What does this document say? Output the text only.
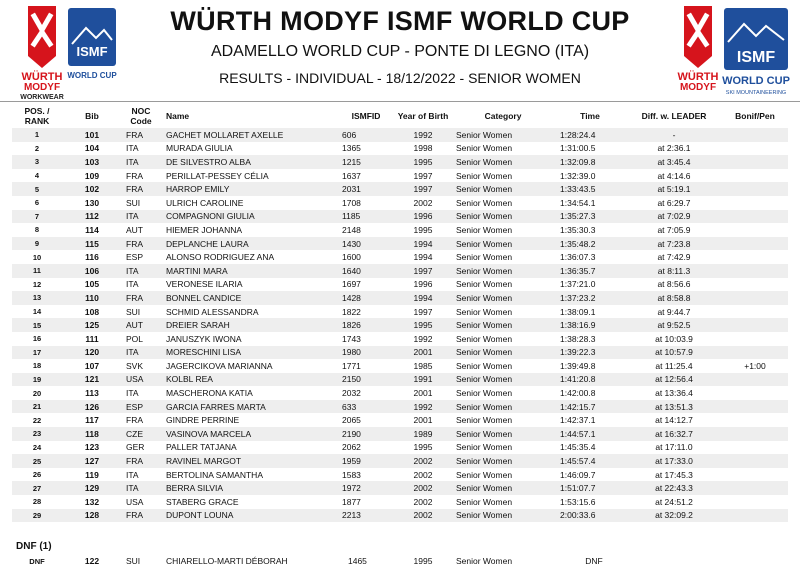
WÜRTH
MODYF
WORKWEAR
ISMF
WORLD CUP	WÜRTH
MODYF
ISMF
WORLD CUP
SKI MOUNTAINEERING
WÜRTH MODYF ISMF WORLD CUP
ADAMELLO WORLD CUP - PONTE DI LEGNO (ITA)
RESULTS - INDIVIDUAL - 18/12/2022 - SENIOR WOMEN
POS. / RANK	Bib	NOC Code	Name	ISMFID	Year of Birth	Category	Time	Diff. w. LEADER	Bonif/Pen
1	101	FRA	GACHET MOLLARET AXELLE	606	1992	Senior Women	1:28:24.4	-	
2	104	ITA	MURADA GIULIA	1365	1998	Senior Women	1:31:00.5	at 2:36.1	
3	103	ITA	DE SILVESTRO ALBA	1215	1995	Senior Women	1:32:09.8	at 3:45.4	
4	109	FRA	PERILLAT-PESSEY CÉLIA	1637	1997	Senior Women	1:32:39.0	at 4:14.6	
5	102	FRA	HARROP EMILY	2031	1997	Senior Women	1:33:43.5	at 5:19.1	
6	130	SUI	ULRICH CAROLINE	1708	2002	Senior Women	1:34:54.1	at 6:29.7	
7	112	ITA	COMPAGNONI GIULIA	1185	1996	Senior Women	1:35:27.3	at 7:02.9	
8	114	AUT	HIEMER JOHANNA	2148	1995	Senior Women	1:35:30.3	at 7:05.9	
9	115	FRA	DEPLANCHE LAURA	1430	1994	Senior Women	1:35:48.2	at 7:23.8	
10	116	ESP	ALONSO RODRIGUEZ ANA	1600	1994	Senior Women	1:36:07.3	at 7:42.9	
11	106	ITA	MARTINI MARA	1640	1997	Senior Women	1:36:35.7	at 8:11.3	
12	105	ITA	VERONESE ILARIA	1697	1996	Senior Women	1:37:21.0	at 8:56.6	
13	110	FRA	BONNEL CANDICE	1428	1994	Senior Women	1:37:23.2	at 8:58.8	
14	108	SUI	SCHMID ALESSANDRA	1822	1997	Senior Women	1:38:09.1	at 9:44.7	
15	125	AUT	DREIER SARAH	1826	1995	Senior Women	1:38:16.9	at 9:52.5	
16	111	POL	JANUSZYK IWONA	1743	1992	Senior Women	1:38:28.3	at 10:03.9	
17	120	ITA	MORESCHINI LISA	1980	2001	Senior Women	1:39:22.3	at 10:57.9	
18	107	SVK	JAGERCIKOVA MARIANNA	1771	1985	Senior Women	1:39:49.8	at 11:25.4	+1:00
19	121	USA	KOLBL REA	2150	1991	Senior Women	1:41:20.8	at 12:56.4	
20	113	ITA	MASCHERONA KATIA	2032	2001	Senior Women	1:42:00.8	at 13:36.4	
21	126	ESP	GARCIA FARRES MARTA	633	1992	Senior Women	1:42:15.7	at 13:51.3	
22	117	FRA	GINDRE PERRINE	2065	2001	Senior Women	1:42:37.1	at 14:12.7	
23	118	CZE	VASINOVA MARCELA	2190	1989	Senior Women	1:44:57.1	at 16:32.7	
24	123	GER	PALLER TATJANA	2062	1995	Senior Women	1:45:35.4	at 17:11.0	
25	127	FRA	RAVINEL MARGOT	1959	2002	Senior Women	1:45:57.4	at 17:33.0	
26	119	ITA	BERTOLINA SAMANTHA	1583	2002	Senior Women	1:46:09.7	at 17:45.3	
27	129	ITA	BERRA SILVIA	1972	2002	Senior Women	1:51:07.7	at 22:43.3	
28	132	USA	STABERG GRACE	1877	2002	Senior Women	1:53:15.6	at 24:51.2	
29	128	FRA	DUPONT LOUNA	2213	2002	Senior Women	2:00:33.6	at 32:09.2	
DNF (1)
DNF	122	SUI	CHIARELLO-MARTI DÉBORAH	1465	1995	Senior Women	DNF
